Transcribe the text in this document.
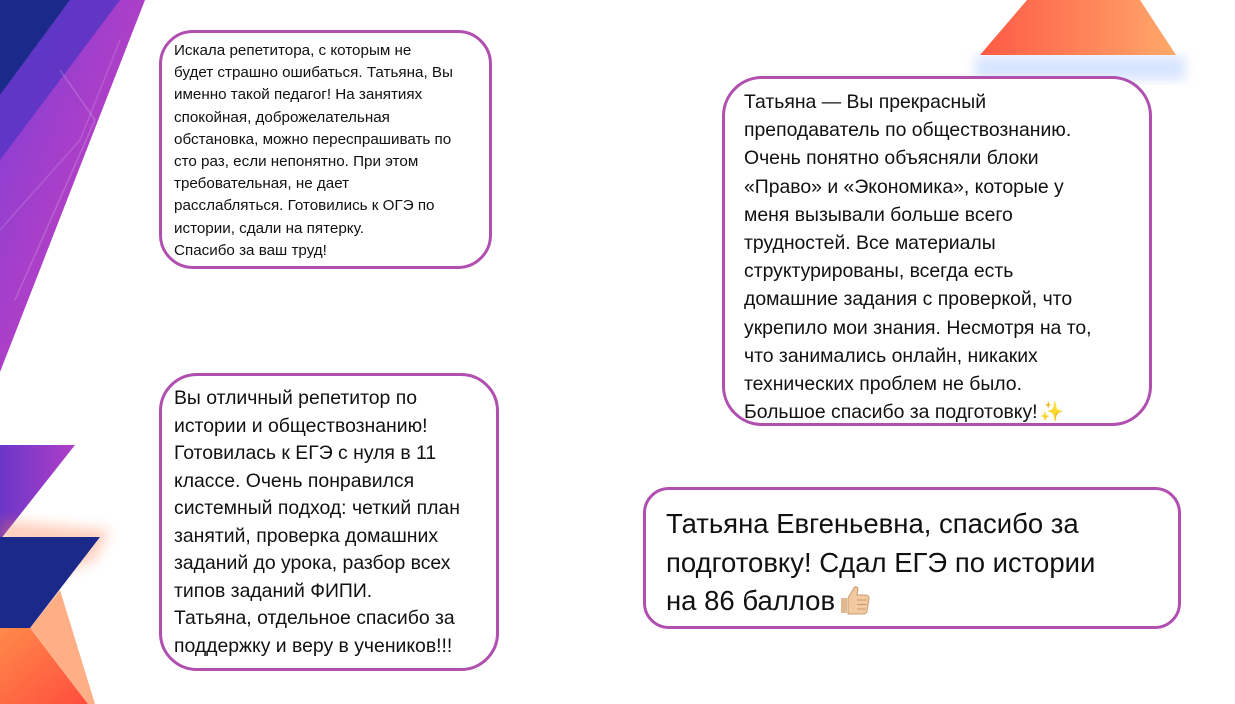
Искала репетитора, с которым не
будет страшно ошибаться. Татьяна, Вы
именно такой педагог! На занятиях
спокойная, доброжелательная
обстановка, можно переспрашивать по
сто раз, если непонятно. При этом
требовательная, не дает
расслабляться. Готовились к ОГЭ по
истории, сдали на пятерку.
Спасибо за ваш труд!

Татьяна — Вы прекрасный
преподаватель по обществознанию.
Очень понятно объясняли блоки
«Право» и «Экономика», которые у
меня вызывали больше всего
трудностей. Все материалы
структурированы, всегда есть
домашние задания с проверкой, что
укрепило мои знания. Несмотря на то,
что занимались онлайн, никаких
технических проблем не было.
Большое спасибо за подготовку! ✨

Вы отличный репетитор по
истории и обществознанию!
Готовилась к ЕГЭ с нуля в 11
классе. Очень понравился
системный подход: четкий план
занятий, проверка домашних
заданий до урока, разбор всех
типов заданий ФИПИ.
Татьяна, отдельное спасибо за
поддержку и веру в учеников!!!

Татьяна Евгеньевна, спасибо за
подготовку! Сдал ЕГЭ по истории
на 86 баллов
